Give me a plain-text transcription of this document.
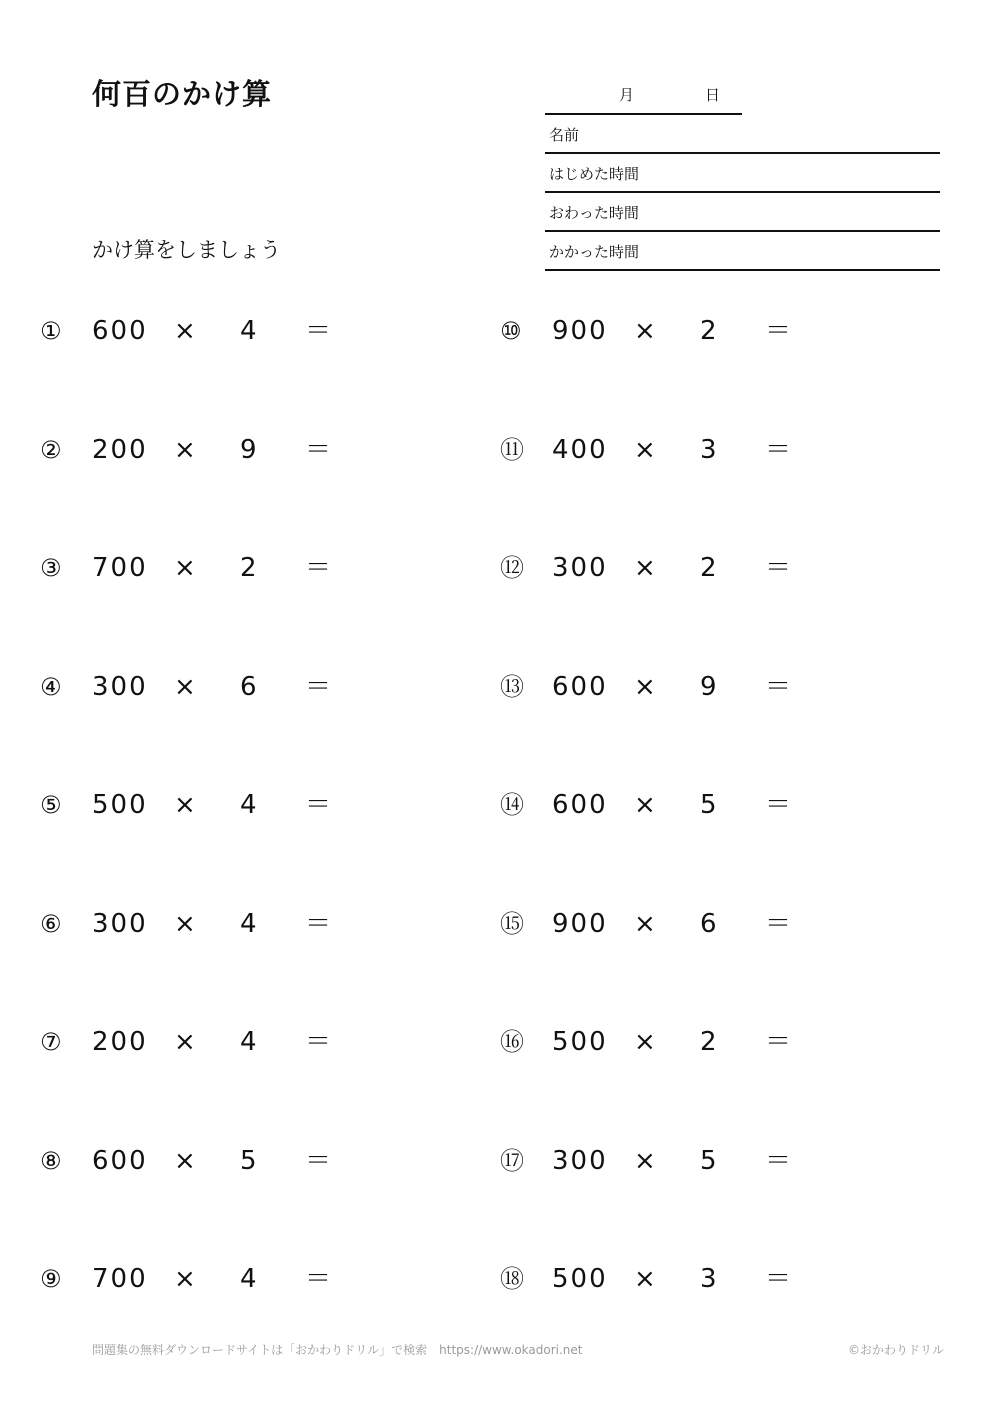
何百のかけ算	月	日
名前
はじめた時間
おわった時間
かかった時間
かけ算をしましょう
① 600 × 4 ＝
② 200 × 9 ＝
③ 700 × 2 ＝
④ 300 × 6 ＝
⑤ 500 × 4 ＝
⑥ 300 × 4 ＝
⑦ 200 × 4 ＝
⑧ 600 × 5 ＝
⑨ 700 × 4 ＝
⑩ 900 × 2 ＝
⑪ 400 × 3 ＝
⑫ 300 × 2 ＝
⑬ 600 × 9 ＝
⑭ 600 × 5 ＝
⑮ 900 × 6 ＝
⑯ 500 × 2 ＝
⑰ 300 × 5 ＝
⑱ 500 × 3 ＝
問題集の無料ダウンロードサイトは「おかわりドリル」で検索　https://www.okadori.net	©おかわりドリル
